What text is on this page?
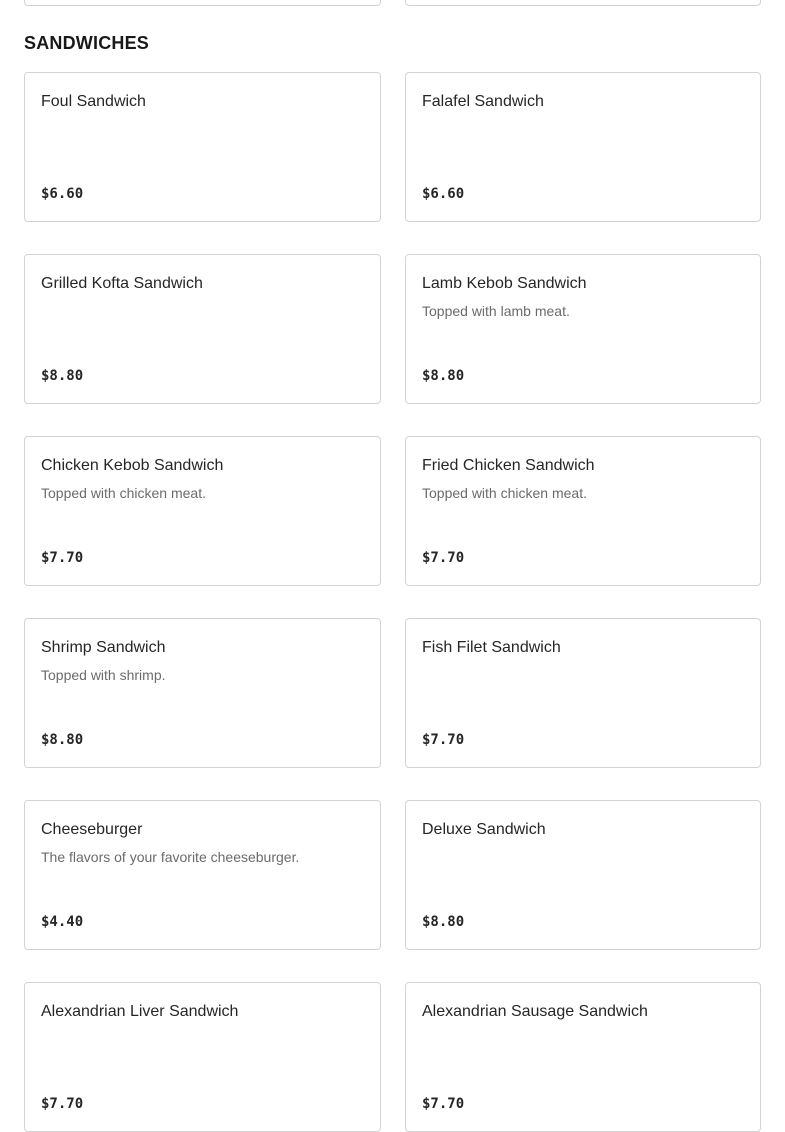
SANDWICHES
Foul Sandwich
$6.60
Falafel Sandwich
$6.60
Grilled Kofta Sandwich
$8.80
Lamb Kebob Sandwich
Topped with lamb meat.
$8.80
Chicken Kebob Sandwich
Topped with chicken meat.
$7.70
Fried Chicken Sandwich
Topped with chicken meat.
$7.70
Shrimp Sandwich
Topped with shrimp.
$8.80
Fish Filet Sandwich
$7.70
Cheeseburger
The flavors of your favorite cheeseburger.
$4.40
Deluxe Sandwich
$8.80
Alexandrian Liver Sandwich
$7.70
Alexandrian Sausage Sandwich
$7.70
